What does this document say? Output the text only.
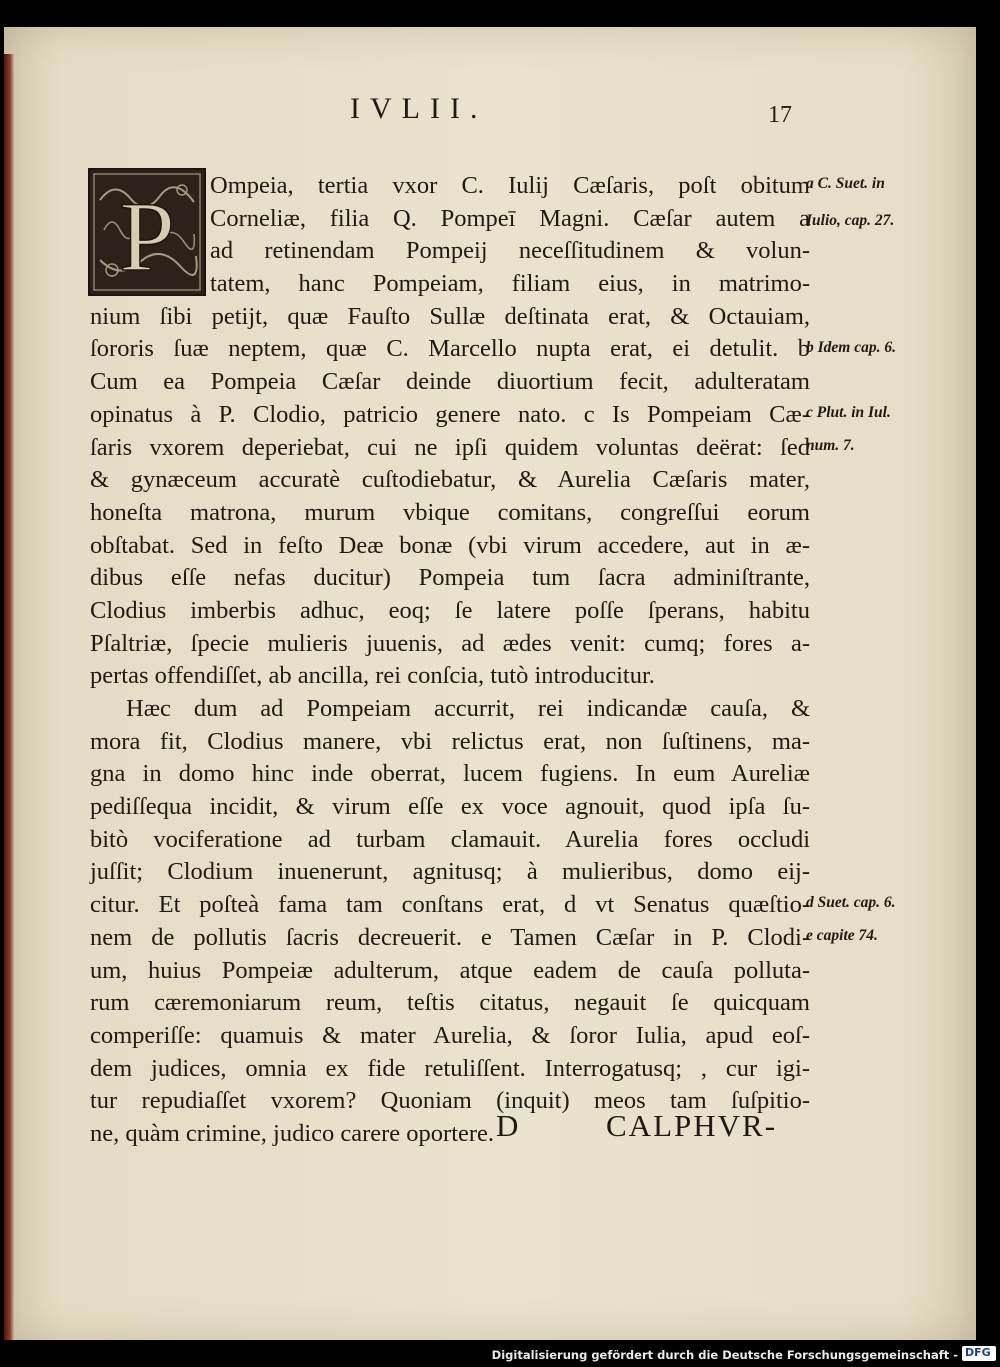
IVLII.	17
P	Ompeia, tertia vxor C. Iulij Cæſaris, poſt obitum
Corneliæ, filia Q. Pompeī Magni. Cæſar autem a
ad retinendam Pompeij neceſſitudinem & volun-
tatem, hanc Pompeiam, filiam eius, in matrimo-
nium ſibi petijt, quæ Fauſto Sullæ deſtinata erat, & Octauiam,
ſororis ſuæ neptem, quæ C. Marcello nupta erat, ei detulit. b
Cum ea Pompeia Cæſar deinde diuortium fecit, adulteratam
opinatus à P. Clodio, patricio genere nato. c Is Pompeiam Cæ-
ſaris vxorem deperiebat, cui ne ipſi quidem voluntas deërat: ſed
& gynæceum accuratè cuſtodiebatur, & Aurelia Cæſaris mater,
honeſta matrona, murum vbique comitans, congreſſui eorum
obſtabat. Sed in feſto Deæ bonæ (vbi virum accedere, aut in æ-
dibus eſſe nefas ducitur) Pompeia tum ſacra adminiſtrante,
Clodius imberbis adhuc, eoq; ſe latere poſſe ſperans, habitu
Pſaltriæ, ſpecie mulieris juuenis, ad ædes venit: cumq; fores a-
pertas offendiſſet, ab ancilla, rei conſcia, tutò introducitur.
Hæc dum ad Pompeiam accurrit, rei indicandæ cauſa, &
mora fit, Clodius manere, vbi relictus erat, non ſuſtinens, ma-
gna in domo hinc inde oberrat, lucem fugiens. In eum Aureliæ
pediſſequa incidit, & virum eſſe ex voce agnouit, quod ipſa ſu-
bitò vociferatione ad turbam clamauit. Aurelia fores occludi
juſſit; Clodium inuenerunt, agnitusq; à mulieribus, domo eij-
citur. Et poſteà fama tam conſtans erat, d vt Senatus quæſtio-
nem de pollutis ſacris decreuerit. e Tamen Cæſar in P. Clodi-
um, huius Pompeiæ adulterum, atque eadem de cauſa polluta-
rum cæremoniarum reum, teſtis citatus, negauit ſe quicquam
comperiſſe: quamuis & mater Aurelia, & ſoror Iulia, apud eoſ-
dem judices, omnia ex fide retuliſſent. Interrogatusq; , cur igi-
tur repudiaſſet vxorem? Quoniam (inquit) meos tam ſuſpitio-
ne, quàm crimine, judico carere oportere.
a C. Suet. in
Iulio, cap. 27.
b Idem cap. 6.
c Plut. in Iul.
num. 7.
d Suet. cap. 6.
e capite 74.
D	CALPHVR-
Digitalisierung gefördert durch die Deutsche Forschungsgemeinschaft - DFG
